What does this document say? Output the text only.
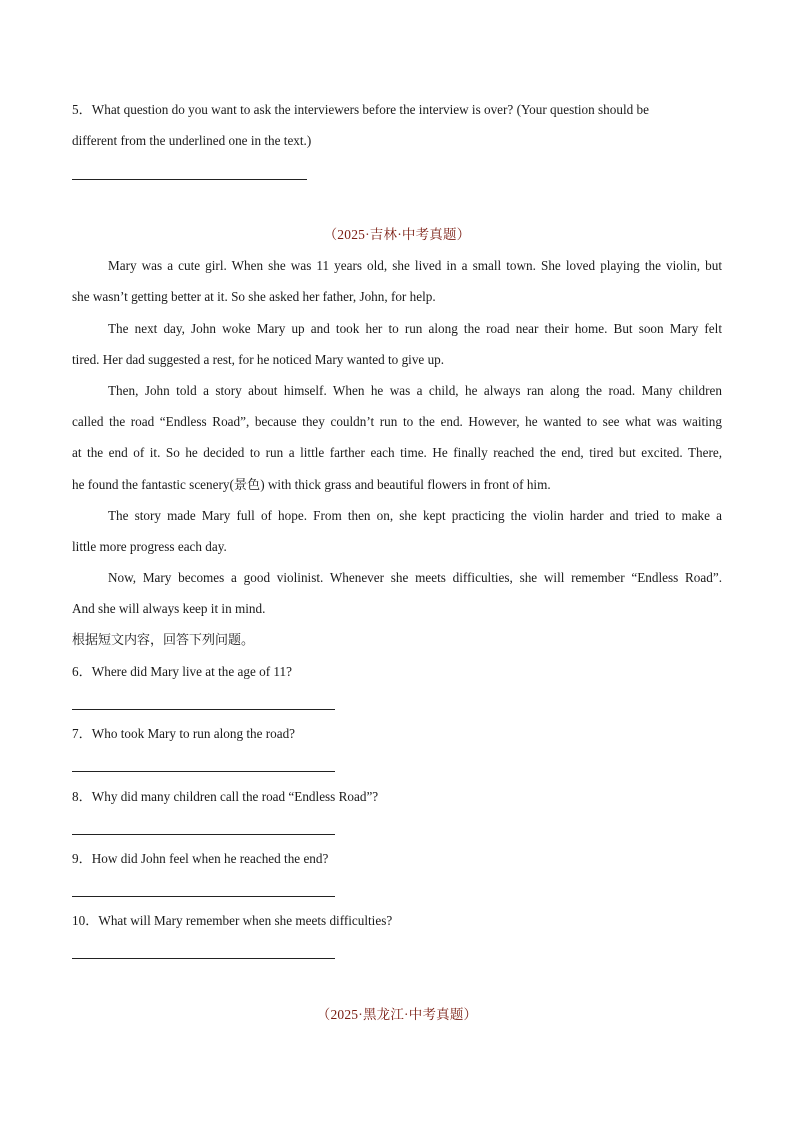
5．What question do you want to ask the interviewers before the interview is over? (Your question should be
different from the underlined one in the text.)
（2025·吉林·中考真题）
Mary was a cute girl. When she was 11 years old, she lived in a small town. She loved playing the violin, but
she wasn’t getting better at it. So she asked her father, John, for help.
The next day, John woke Mary up and took her to run along the road near their home. But soon Mary felt
tired. Her dad suggested a rest, for he noticed Mary wanted to give up.
Then, John told a story about himself. When he was a child, he always ran along the road. Many children
called the road “Endless Road”, because they couldn’t run to the end. However, he wanted to see what was waiting
at the end of it. So he decided to run a little farther each time. He finally reached the end, tired but excited. There,
he found the fantastic scenery(景色) with thick grass and beautiful flowers in front of him.
The story made Mary full of hope. From then on, she kept practicing the violin harder and tried to make a
little more progress each day.
Now, Mary becomes a good violinist. Whenever she meets difficulties, she will remember “Endless Road”.
And she will always keep it in mind.
根据短文内容，回答下列问题。
6．Where did Mary live at the age of 11?
7．Who took Mary to run along the road?
8．Why did many children call the road “Endless Road”?
9．How did John feel when he reached the end?
10．What will Mary remember when she meets difficulties?
（2025·黑龙江·中考真题）
